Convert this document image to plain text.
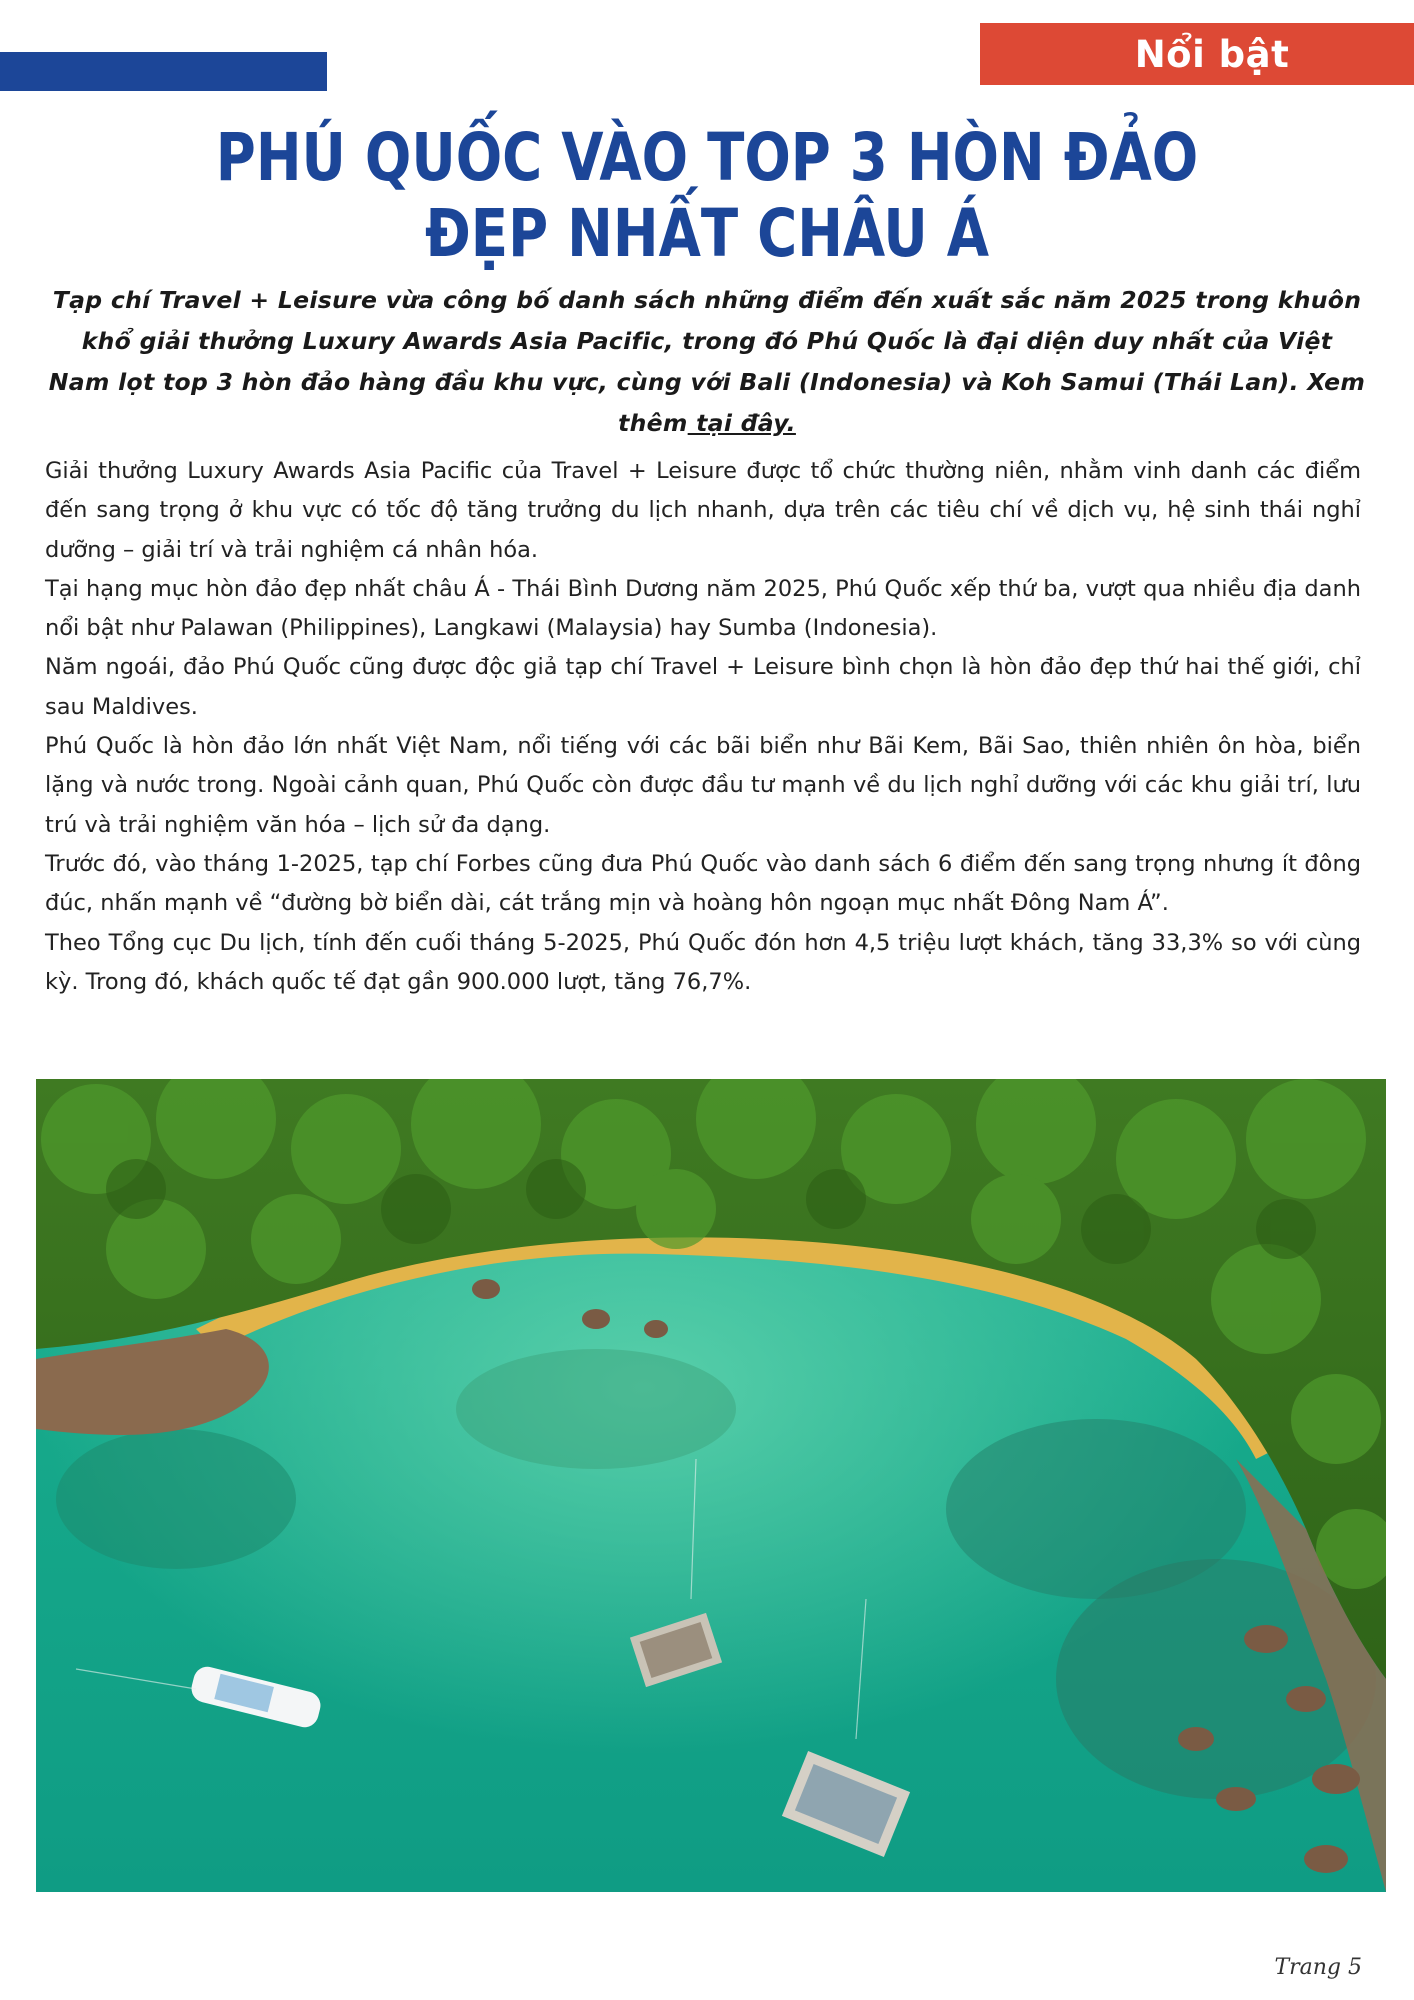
Nổi bật
PHÚ QUỐC VÀO TOP 3 HÒN ĐẢO
ĐẸP NHẤT CHÂU Á

Tạp chí Travel + Leisure vừa công bố danh sách những điểm đến xuất sắc năm 2025 trong khuôn khổ giải thưởng Luxury Awards Asia Pacific, trong đó Phú Quốc là đại diện duy nhất của Việt Nam lọt top 3 hòn đảo hàng đầu khu vực, cùng với Bali (Indonesia) và Koh Samui (Thái Lan). Xem thêm tại đây.

Giải thưởng Luxury Awards Asia Pacific của Travel + Leisure được tổ chức thường niên, nhằm vinh danh các điểm đến sang trọng ở khu vực có tốc độ tăng trưởng du lịch nhanh, dựa trên các tiêu chí về dịch vụ, hệ sinh thái nghỉ dưỡng – giải trí và trải nghiệm cá nhân hóa.

Tại hạng mục hòn đảo đẹp nhất châu Á - Thái Bình Dương năm 2025, Phú Quốc xếp thứ ba, vượt qua nhiều địa danh nổi bật như Palawan (Philippines), Langkawi (Malaysia) hay Sumba (Indonesia).

Năm ngoái, đảo Phú Quốc cũng được độc giả tạp chí Travel + Leisure bình chọn là hòn đảo đẹp thứ hai thế giới, chỉ sau Maldives.

Phú Quốc là hòn đảo lớn nhất Việt Nam, nổi tiếng với các bãi biển như Bãi Kem, Bãi Sao, thiên nhiên ôn hòa, biển lặng và nước trong. Ngoài cảnh quan, Phú Quốc còn được đầu tư mạnh về du lịch nghỉ dưỡng với các khu giải trí, lưu trú và trải nghiệm văn hóa – lịch sử đa dạng.

Trước đó, vào tháng 1-2025, tạp chí Forbes cũng đưa Phú Quốc vào danh sách 6 điểm đến sang trọng nhưng ít đông đúc, nhấn mạnh về “đường bờ biển dài, cát trắng mịn và hoàng hôn ngoạn mục nhất Đông Nam Á”.

Theo Tổng cục Du lịch, tính đến cuối tháng 5-2025, Phú Quốc đón hơn 4,5 triệu lượt khách, tăng 33,3% so với cùng kỳ. Trong đó, khách quốc tế đạt gần 900.000 lượt, tăng 76,7%.

Trang 5
